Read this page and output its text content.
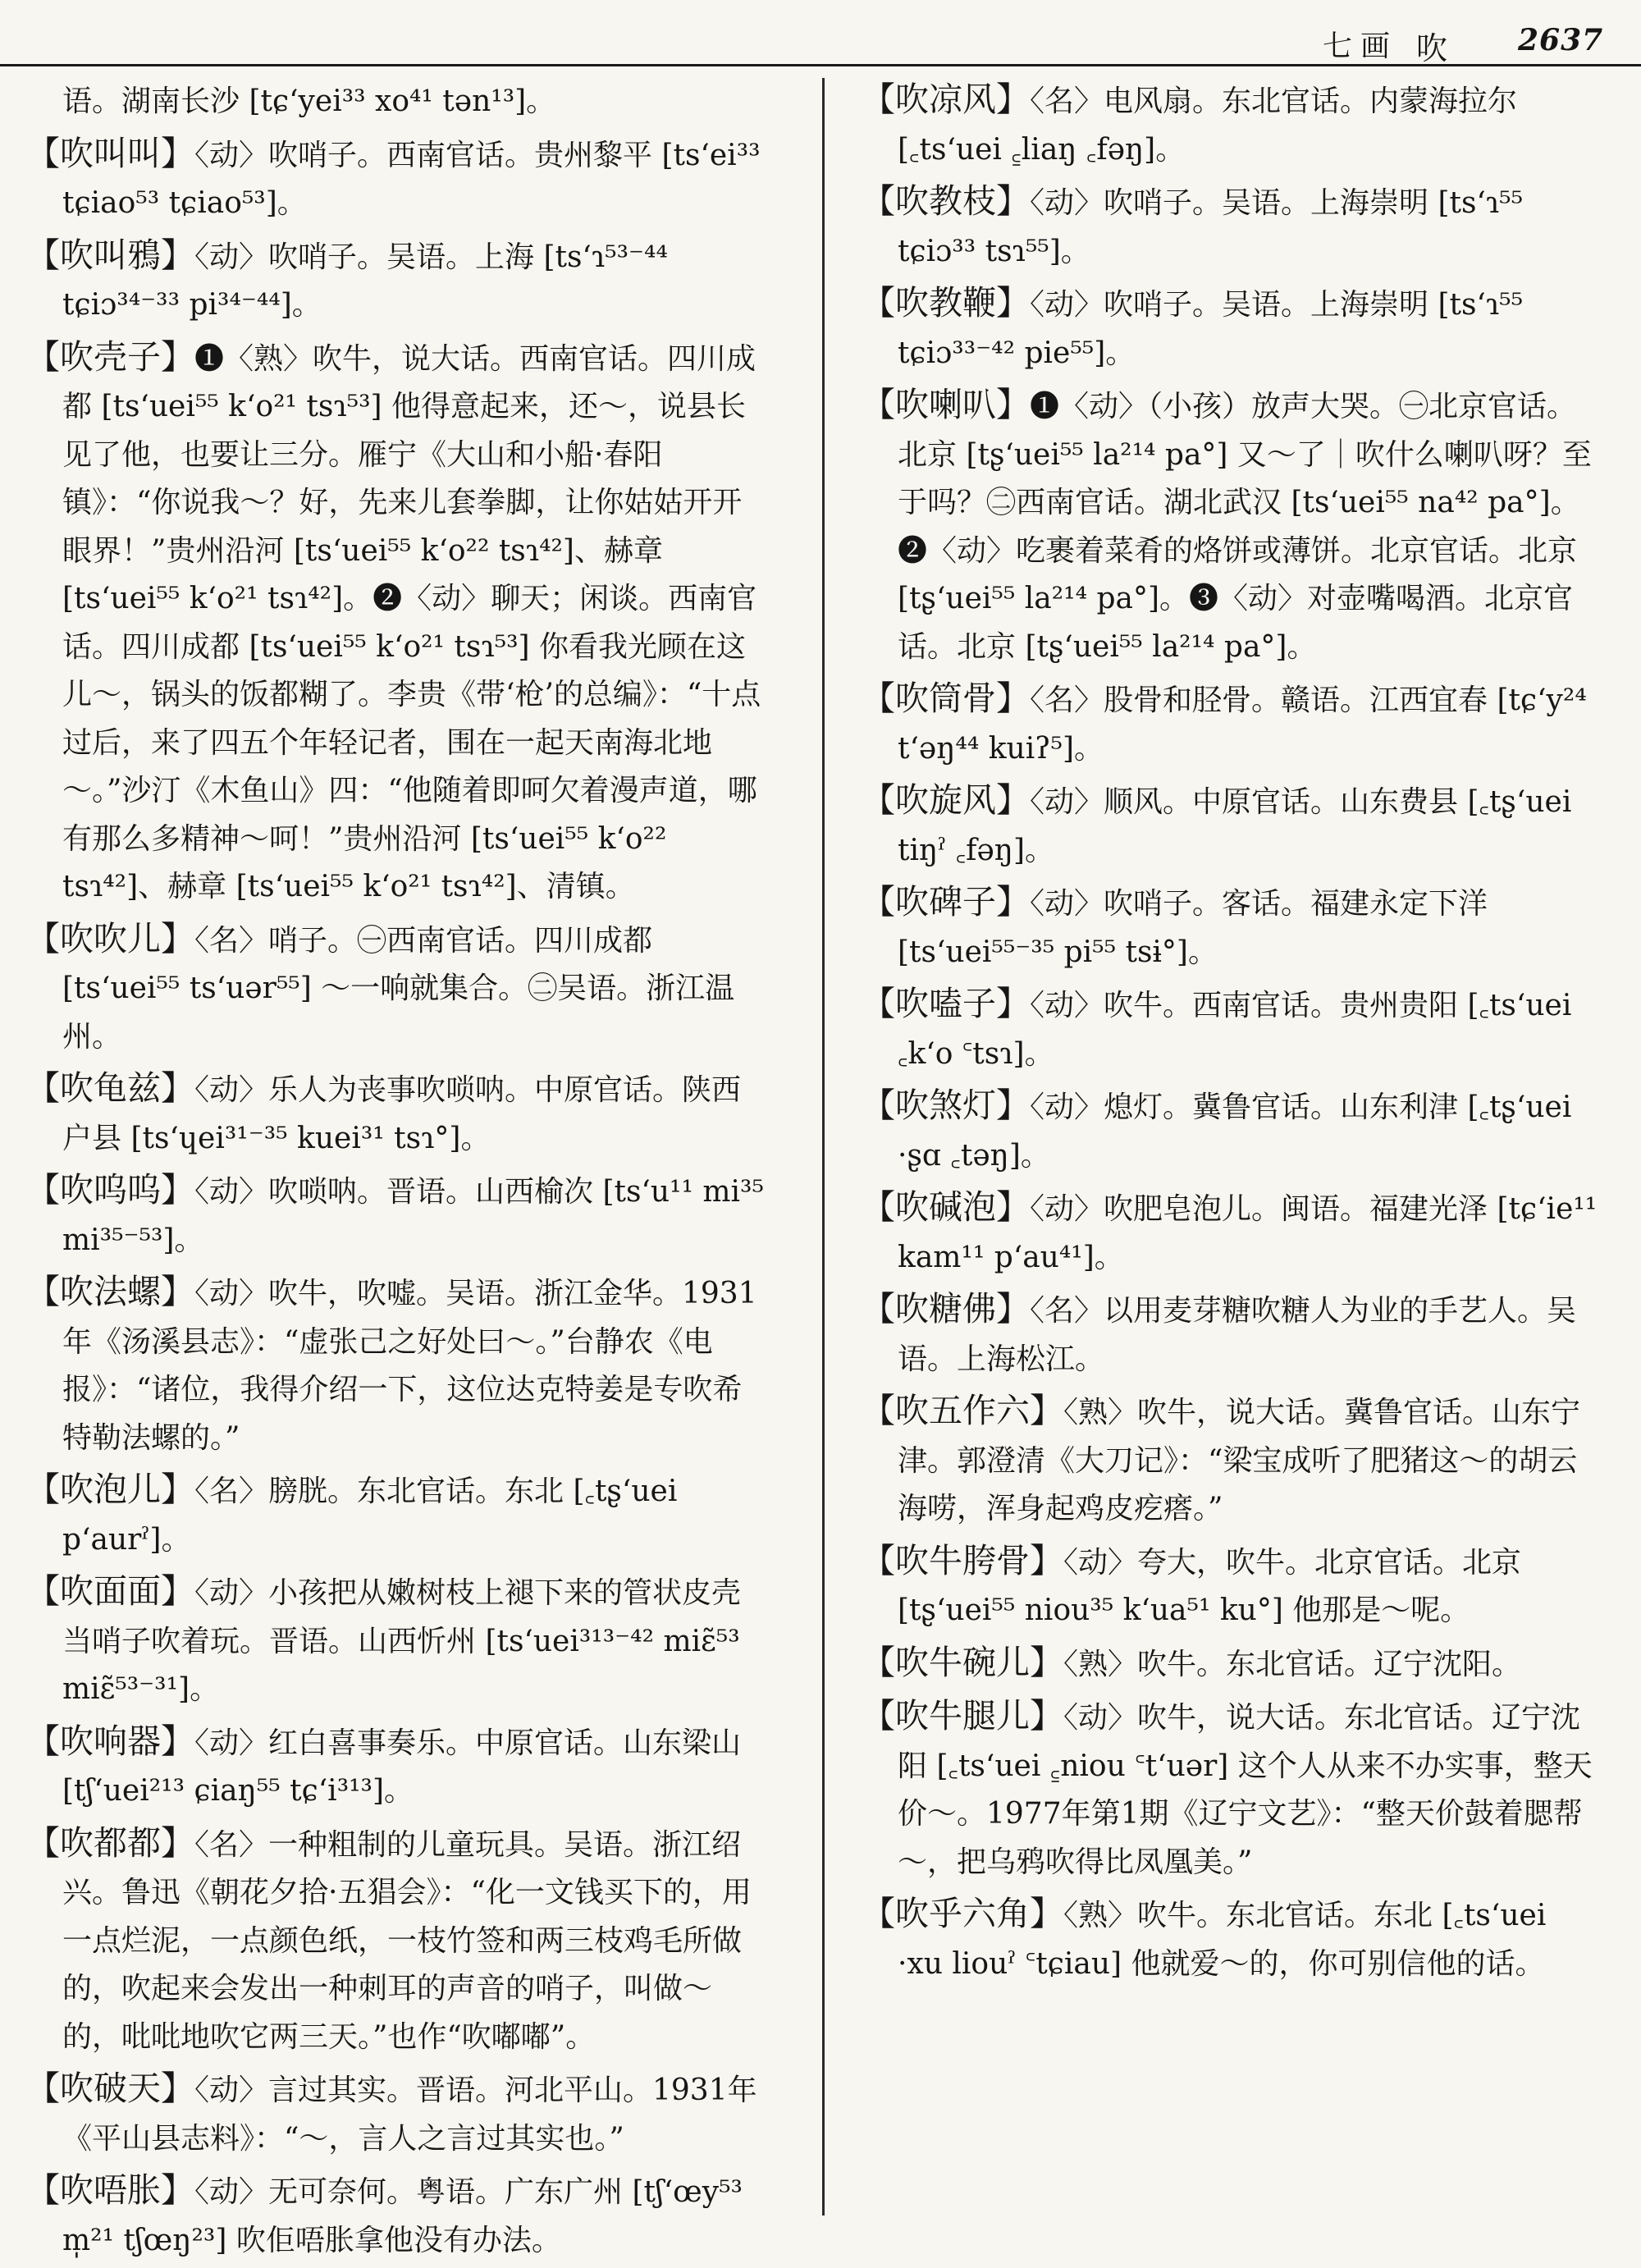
七画 吹 2637
语。湖南长沙 [tɕʻyei³³ xo⁴¹ tən¹³]。
【吹叫叫】〈动〉吹哨子。西南官话。贵州黎平 [tsʻei³³ tɕiao⁵³ tɕiao⁵³]。
【吹叫鴉】〈动〉吹哨子。吴语。上海 [tsʻɿ⁵³⁻⁴⁴ tɕiɔ³⁴⁻³³ pi³⁴⁻⁴⁴]。
【吹壳子】❶〈熟〉吹牛，说大话。西南官话。四川成都 [tsʻuei⁵⁵ kʻo²¹ tsɿ⁵³] 他得意起来，还～，说县长见了他，也要让三分。雁宁《大山和小船·春阳镇》：“你说我～？好，先来儿套拳脚，让你姑姑开开眼界！”贵州沿河 [tsʻuei⁵⁵ kʻo²² tsɿ⁴²]、赫章 [tsʻuei⁵⁵ kʻo²¹ tsɿ⁴²]。❷〈动〉聊天；闲谈。西南官话。四川成都 [tsʻuei⁵⁵ kʻo²¹ tsɿ⁵³] 你看我光顾在这儿～，锅头的饭都糊了。李贵《带‘枪’的总编》：“十点过后，来了四五个年轻记者，围在一起天南海北地～。”沙汀《木鱼山》四：“他随着即呵欠着漫声道，哪有那么多精神～呵！”贵州沿河 [tsʻuei⁵⁵ kʻo²² tsɿ⁴²]、赫章 [tsʻuei⁵⁵ kʻo²¹ tsɿ⁴²]、清镇。
【吹吹儿】〈名〉哨子。㊀西南官话。四川成都 [tsʻuei⁵⁵ tsʻuər⁵⁵] ～一响就集合。㊁吴语。浙江温州。
【吹龟兹】〈动〉乐人为丧事吹唢呐。中原官话。陕西户县 [tsʻɥei³¹⁻³⁵ kuei³¹ tsɿ°]。
【吹呜呜】〈动〉吹唢呐。晋语。山西榆次 [tsʻu¹¹ mi³⁵ mi³⁵⁻⁵³]。
【吹法螺】〈动〉吹牛，吹嘘。吴语。浙江金华。1931年《汤溪县志》：“虚张己之好处曰～。”台静农《电报》：“诸位，我得介绍一下，这位达克特姜是专吹希特勒法螺的。”
【吹泡儿】〈名〉膀胱。东北官话。东北 [꜀tʂʻuei pʻaurˀ]。
【吹面面】〈动〉小孩把从嫩树枝上褪下来的管状皮壳当哨子吹着玩。晋语。山西忻州 [tsʻuei³¹³⁻⁴² miɛ̃⁵³ miɛ̃⁵³⁻³¹]。
【吹响器】〈动〉红白喜事奏乐。中原官话。山东梁山 [tʃʻuei²¹³ ɕiaŋ⁵⁵ tɕʻi³¹³]。
【吹都都】〈名〉一种粗制的儿童玩具。吴语。浙江绍兴。鲁迅《朝花夕拾·五猖会》：“化一文钱买下的，用一点烂泥，一点颜色纸，一枝竹签和两三枝鸡毛所做的，吹起来会发出一种刺耳的声音的哨子，叫做～的，吡吡地吹它两三天。”也作“吹嘟嘟”。
【吹破天】〈动〉言过其实。晋语。河北平山。1931年《平山县志料》：“～，言人之言过其实也。”
【吹唔胀】〈动〉无可奈何。粤语。广东广州 [tʃʻœy⁵³ m̩²¹ tʃœŋ²³] 吹佢唔胀拿他没有办法。
【吹凉风】〈名〉电风扇。东北官话。内蒙海拉尔 [꜀tsʻuei ꜁liaŋ ꜀fəŋ]。
【吹教枝】〈动〉吹哨子。吴语。上海崇明 [tsʻɿ⁵⁵ tɕiɔ³³ tsɿ⁵⁵]。
【吹教鞭】〈动〉吹哨子。吴语。上海崇明 [tsʻɿ⁵⁵ tɕiɔ³³⁻⁴² pie⁵⁵]。
【吹喇叭】❶〈动〉（小孩）放声大哭。㊀北京官话。北京 [tʂʻuei⁵⁵ la²¹⁴ pa°] 又～了｜吹什么喇叭呀？至于吗？㊁西南官话。湖北武汉 [tsʻuei⁵⁵ na⁴² pa°]。❷〈动〉吃裹着菜肴的烙饼或薄饼。北京官话。北京 [tʂʻuei⁵⁵ la²¹⁴ pa°]。❸〈动〉对壶嘴喝酒。北京官话。北京 [tʂʻuei⁵⁵ la²¹⁴ pa°]。
【吹筒骨】〈名〉股骨和胫骨。赣语。江西宜春 [tɕʻy²⁴ tʻəŋ⁴⁴ kuiʔ⁵]。
【吹旋风】〈动〉顺风。中原官话。山东费县 [꜀tʂʻuei tiŋˀ ꜀fəŋ]。
【吹碑子】〈动〉吹哨子。客话。福建永定下洋 [tsʻuei⁵⁵⁻³⁵ pi⁵⁵ tsɨ°]。
【吹嗑子】〈动〉吹牛。西南官话。贵州贵阳 [꜀tsʻuei ꜀kʻo ꜂tsɿ]。
【吹煞灯】〈动〉熄灯。冀鲁官话。山东利津 [꜀tʂʻuei ·ʂɑ ꜀təŋ]。
【吹碱泡】〈动〉吹肥皂泡儿。闽语。福建光泽 [tɕʻie¹¹ kam¹¹ pʻau⁴¹]。
【吹糖佛】〈名〉以用麦芽糖吹糖人为业的手艺人。吴语。上海松江。
【吹五作六】〈熟〉吹牛，说大话。冀鲁官话。山东宁津。郭澄清《大刀记》：“梁宝成听了肥猪这～的胡云海唠，浑身起鸡皮疙瘩。”
【吹牛胯骨】〈动〉夸大，吹牛。北京官话。北京 [tʂʻuei⁵⁵ niou³⁵ kʻua⁵¹ ku°] 他那是～呢。
【吹牛碗儿】〈熟〉吹牛。东北官话。辽宁沈阳。
【吹牛腿儿】〈动〉吹牛，说大话。东北官话。辽宁沈阳 [꜀tsʻuei ꜁niou ꜂tʻuər] 这个人从来不办实事，整天价～。1977年第1期《辽宁文艺》：“整天价鼓着腮帮～，把乌鸦吹得比凤凰美。”
【吹乎六角】〈熟〉吹牛。东北官话。东北 [꜀tsʻuei ·xu liouˀ ꜂tɕiau] 他就爱～的，你可别信他的话。
